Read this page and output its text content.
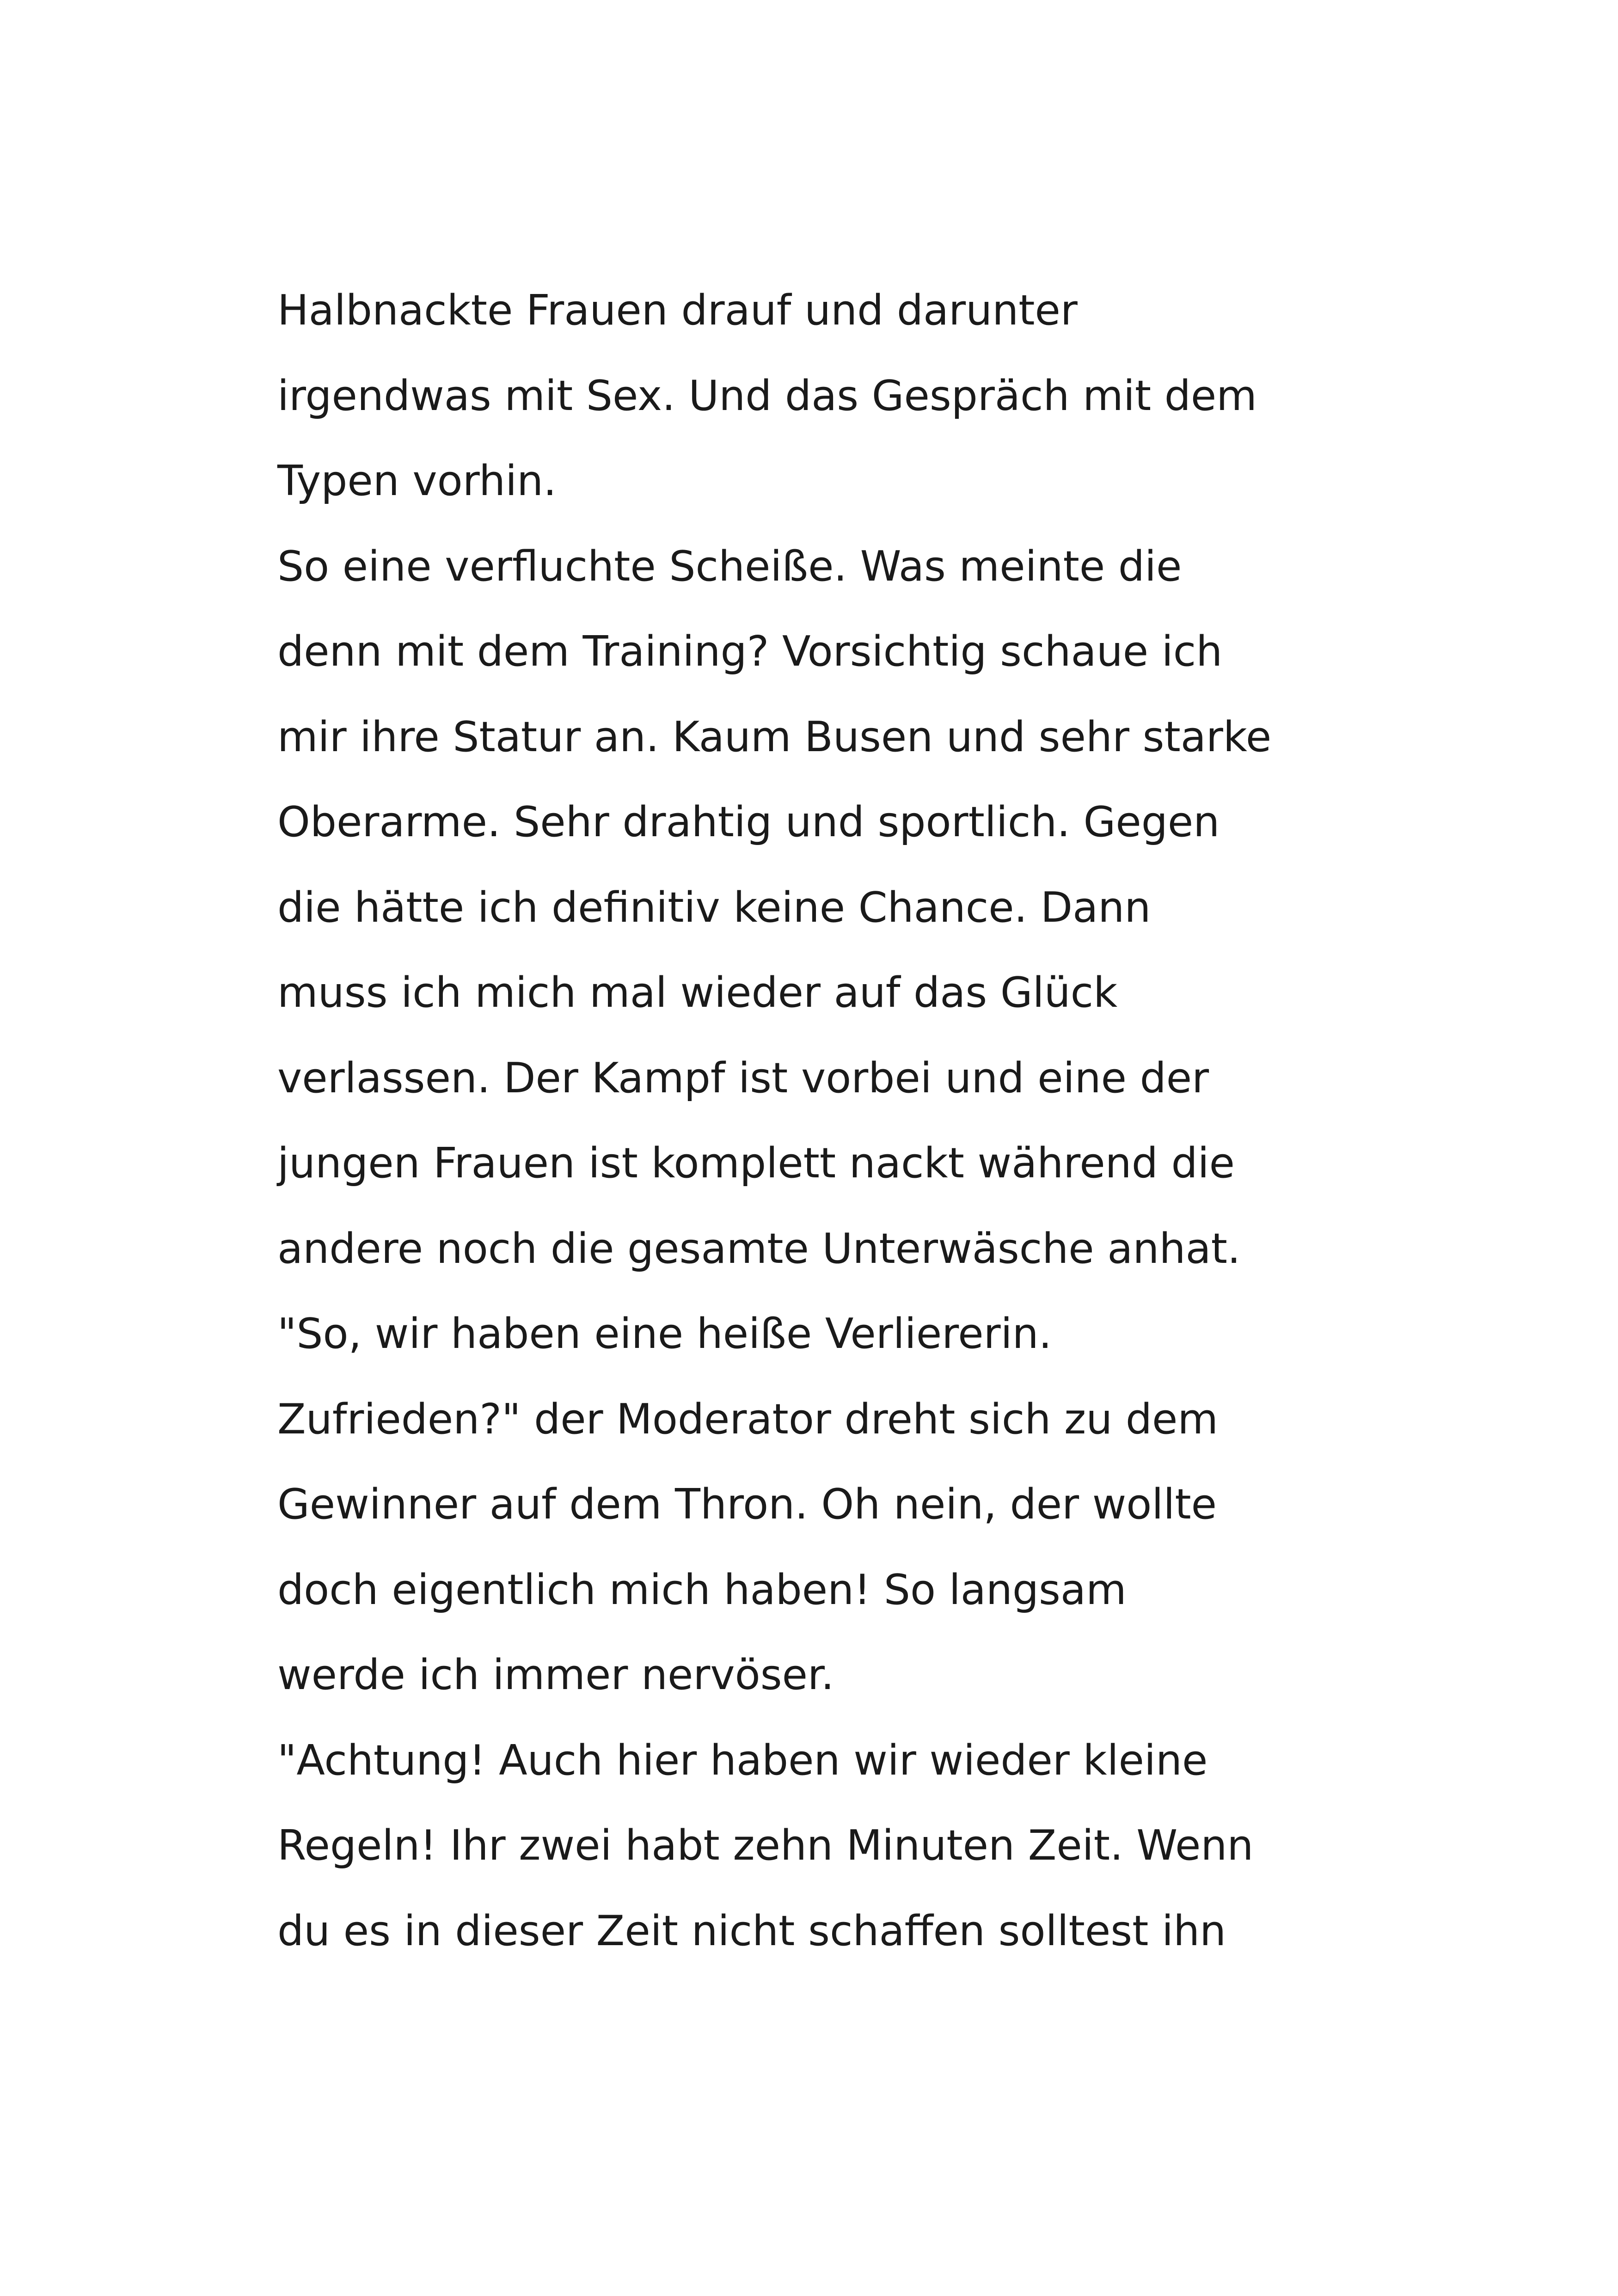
Halbnackte Frauen drauf und darunter
irgendwas mit Sex. Und das Gespräch mit dem
Typen vorhin.
So eine verfluchte Scheiße. Was meinte die
denn mit dem Training? Vorsichtig schaue ich
mir ihre Statur an. Kaum Busen und sehr starke
Oberarme. Sehr drahtig und sportlich. Gegen
die hätte ich definitiv keine Chance. Dann
muss ich mich mal wieder auf das Glück
verlassen. Der Kampf ist vorbei und eine der
jungen Frauen ist komplett nackt während die
andere noch die gesamte Unterwäsche anhat.
"So, wir haben eine heiße Verliererin.
Zufrieden?" der Moderator dreht sich zu dem
Gewinner auf dem Thron. Oh nein, der wollte
doch eigentlich mich haben! So langsam
werde ich immer nervöser.
"Achtung! Auch hier haben wir wieder kleine
Regeln! Ihr zwei habt zehn Minuten Zeit. Wenn
du es in dieser Zeit nicht schaffen solltest ihn
